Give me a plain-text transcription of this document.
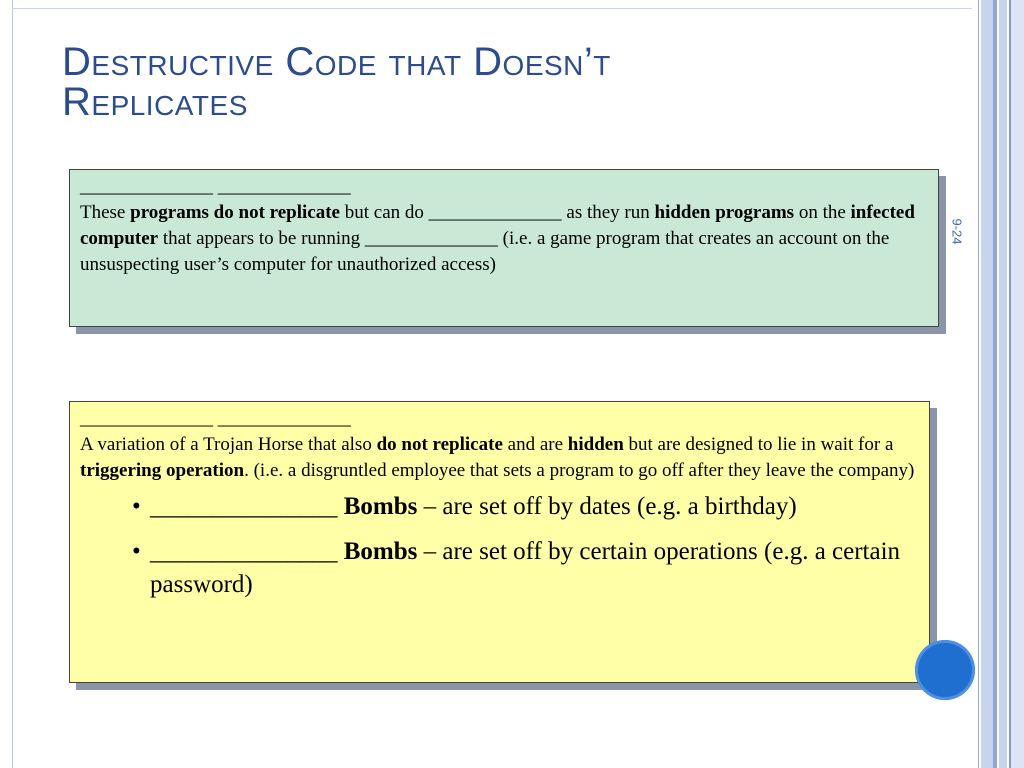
Destructive Code that Doesn’t
Replicates
9-24

______________ ______________

These programs do not replicate but can do ______________ as they run hidden programs on the infected computer that appears to be running ______________ (i.e. a game program that creates an account on the unsuspecting user’s computer for unauthorized access)

______________ ______________

A variation of a Trojan Horse that also do not replicate and are hidden but are designed to lie in wait for a triggering operation. (i.e. a disgruntled employee that sets a program to go off after they leave the company)

• _______________ Bombs – are set off by dates (e.g. a birthday)
• _______________ Bombs – are set off by certain operations (e.g. a certain password)
